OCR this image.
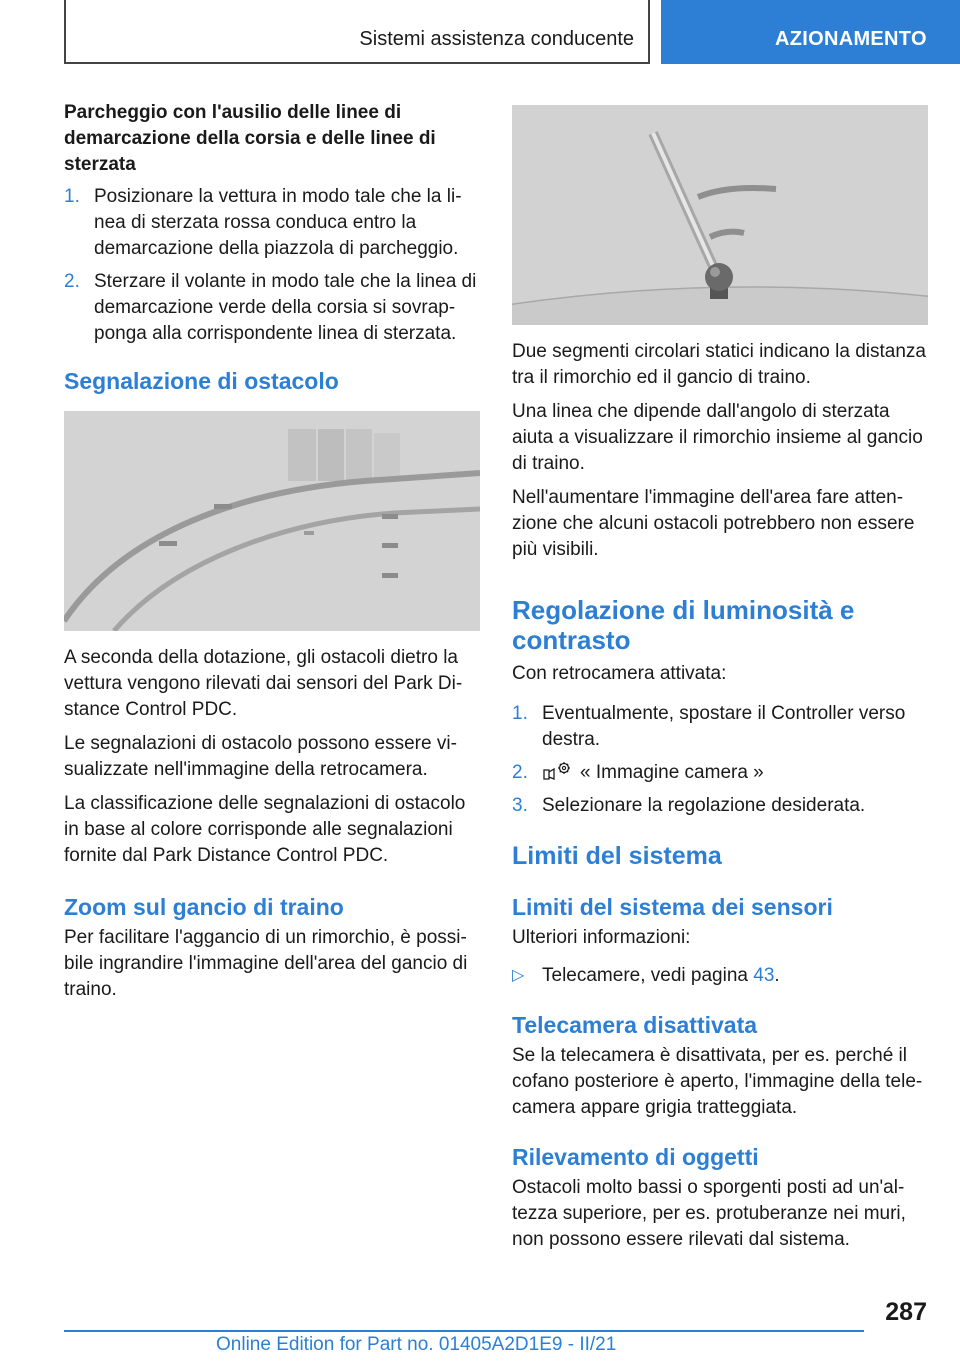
Sistemi assistenza conducente	AZIONAMENTO
Parcheggio con l'ausilio delle linee di demarcazione della corsia e delle linee di sterzata
1. Posizionare la vettura in modo tale che la linea di sterzata rossa conduca entro la demarcazione della piazzola di parcheggio.
2. Sterzare il volante in modo tale che la linea di demarcazione verde della corsia si sovrapponga alla corrispondente linea di sterzata.
Segnalazione di ostacolo

A seconda della dotazione, gli ostacoli dietro la vettura vengono rilevati dai sensori del Park Distance Control PDC.

Le segnalazioni di ostacolo possono essere visualizzate nell'immagine della retrocamera.

La classificazione delle segnalazioni di ostacolo in base al colore corrisponde alle segnalazioni fornite dal Park Distance Control PDC.

Zoom sul gancio di traino

Per facilitare l'aggancio di un rimorchio, è possibile ingrandire l'immagine dell'area del gancio di traino.

Due segmenti circolari statici indicano la distanza tra il rimorchio ed il gancio di traino.

Una linea che dipende dall'angolo di sterzata aiuta a visualizzare il rimorchio insieme al gancio di traino.

Nell'aumentare l'immagine dell'area fare attenzione che alcuni ostacoli potrebbero non essere più visibili.

Regolazione di luminosità e contrasto

Con retrocamera attivata:

1. Eventualmente, spostare il Controller verso destra.
2.	« Immagine camera »
3. Selezionare la regolazione desiderata.
Limiti del sistema
Limiti del sistema dei sensori

Ulteriori informazioni:

▷ Telecamere, vedi pagina 43.
Telecamera disattivata

Se la telecamera è disattivata, per es. perché il cofano posteriore è aperto, l'immagine della telecamera appare grigia tratteggiata.

Rilevamento di oggetti

Ostacoli molto bassi o sporgenti posti ad un'altezza superiore, per es. protuberanze nei muri, non possono essere rilevati dal sistema.

287
Online Edition for Part no. 01405A2D1E9 - II/21
